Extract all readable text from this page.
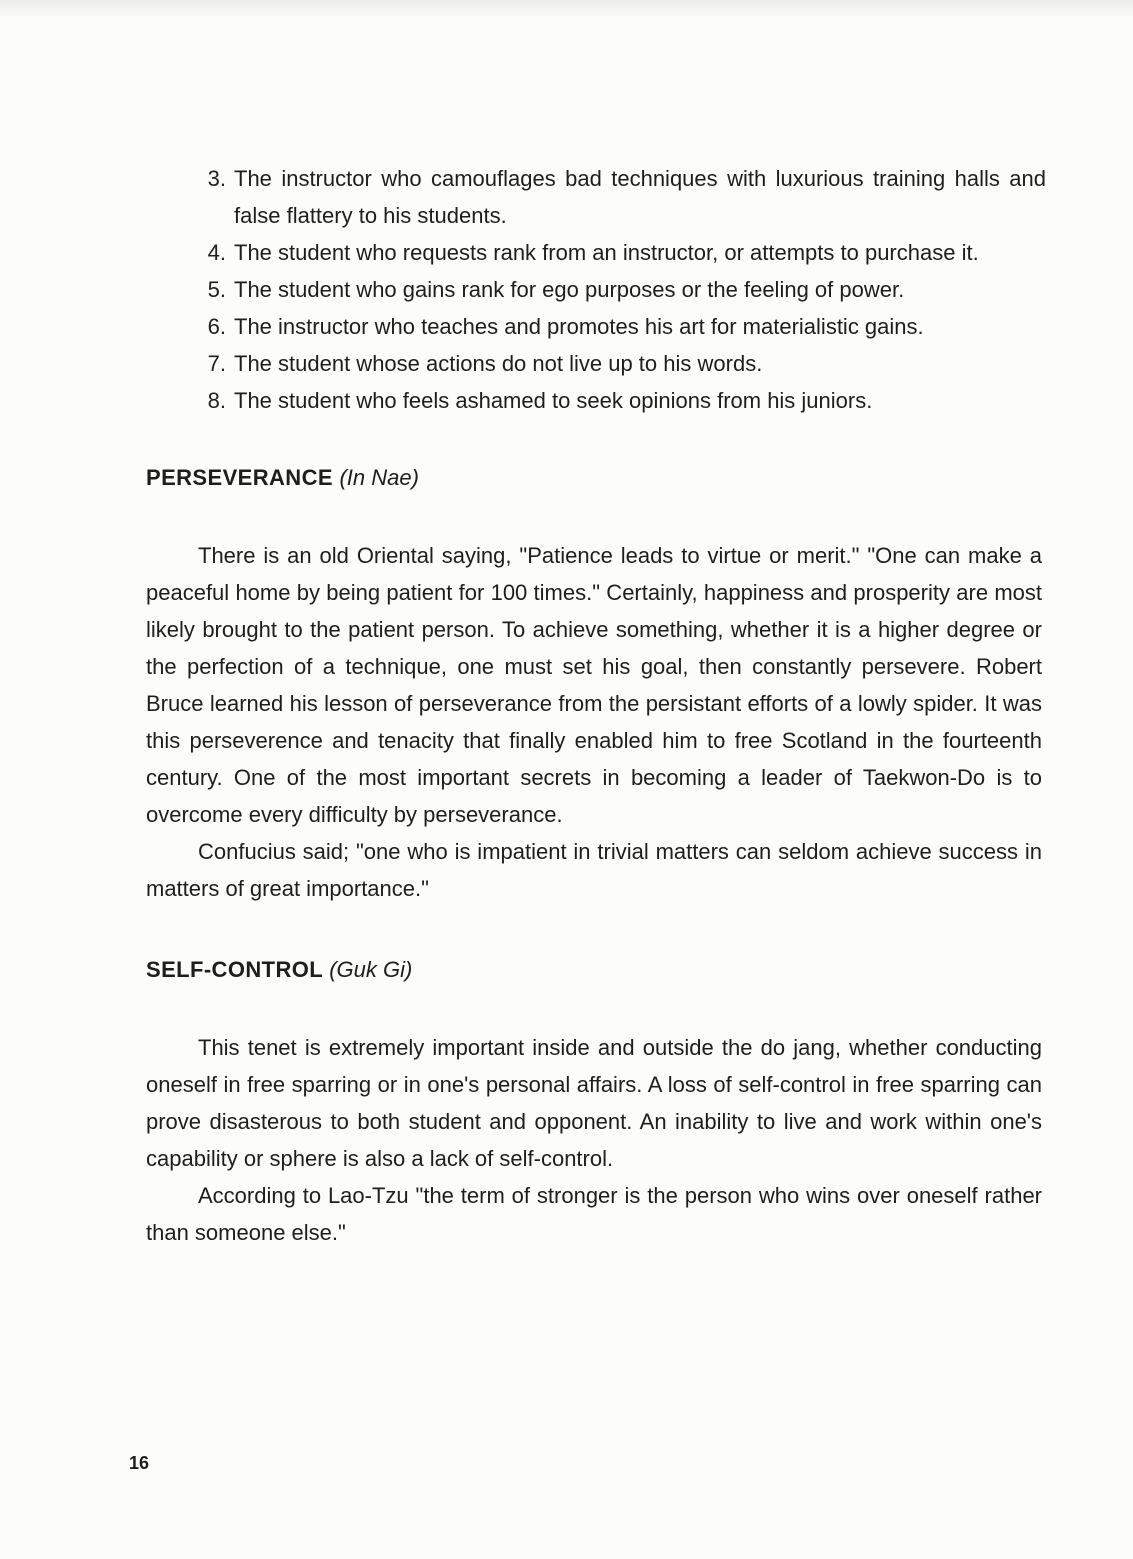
3. The instructor who camouflages bad techniques with luxurious training halls and false flattery to his students.
4. The student who requests rank from an instructor, or attempts to purchase it.
5. The student who gains rank for ego purposes or the feeling of power.
6. The instructor who teaches and promotes his art for materialistic gains.
7. The student whose actions do not live up to his words.
8. The student who feels ashamed to seek opinions from his juniors.
PERSEVERANCE (In Nae)

There is an old Oriental saying, "Patience leads to virtue or merit." "One can make a peaceful home by being patient for 100 times." Certainly, happiness and prosperity are most likely brought to the patient person. To achieve something, whether it is a higher degree or the perfection of a technique, one must set his goal, then constantly persevere. Robert Bruce learned his lesson of perseverance from the persistant efforts of a lowly spider. It was this perseverence and tenacity that finally enabled him to free Scotland in the fourteenth century. One of the most important secrets in becoming a leader of Taekwon-Do is to overcome every difficulty by perseverance.

Confucius said; "one who is impatient in trivial matters can seldom achieve success in matters of great importance."

SELF-CONTROL (Guk Gi)

This tenet is extremely important inside and outside the do jang, whether conducting oneself in free sparring or in one's personal affairs. A loss of self-control in free sparring can prove disasterous to both student and opponent. An inability to live and work within one's capability or sphere is also a lack of self-control.

According to Lao-Tzu "the term of stronger is the person who wins over oneself rather than someone else."

16
